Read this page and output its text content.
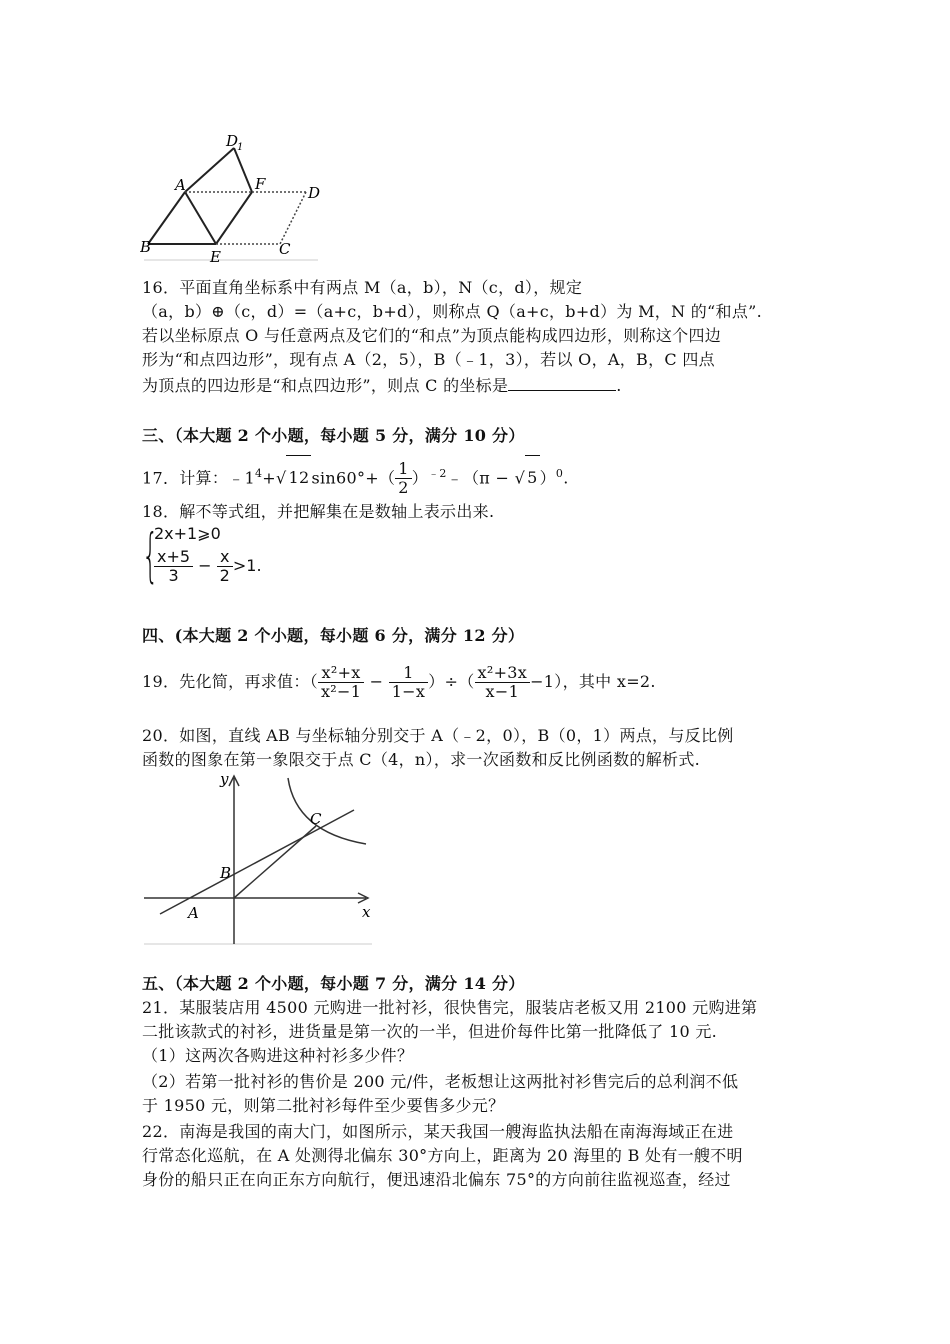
D
1
A	F	D
B
E	C
16．平面直角坐标系中有两点 M（a，b），N（c，d），规定
（a，b）⊕（c，d）=（a+c，b+d），则称点 Q（a+c，b+d）为 M，N 的“和点”.
若以坐标原点 O 与任意两点及它们的“和点”为顶点能构成四边形，则称这个四边
形为“和点四边形”，现有点 A（2，5），B（﹣1，3），若以 O，A，B，C 四点
为顶点的四边形是“和点四边形”，则点 C 的坐标是	.
三、（本大题 2 个小题，每小题 5 分，满分 10 分）
17．计算：$﹣1^4+√$ 12 $\sin 60^\circ+( \frac{1}{2}$ ）$^{﹣2}﹣(\pi$ − √ 5 ）$^0$.
18．解不等式组，并把解集在是数轴上表示出来.
{
2x+1⩾0
$\frac{x+5}{3} - \frac{x}{2} >1$.
四、(本大题 2 个小题，每小题 6 分，满分 12 分）
19．先化简，再求值：（ $\frac{\text{x²+x}}{\text{x²−1}} - \frac{1}{1-x}$ ）÷（ $\frac{\text{x²+3x}}{x-1} -1$），其中 x=2.
20．如图，直线 AB 与坐标轴分别交于 A（﹣2，0），B（0，1）两点，与反比例
函数的图象在第一象限交于点 C（4，n），求一次函数和反比例函数的解析式.
y
x
A
B
C
五、（本大题 2 个小题，每小题 7 分，满分 14 分）
21．某服装店用 4500 元购进一批衬衫，很快售完，服装店老板又用 2100 元购进第
二批该款式的衬衫，进货量是第一次的一半，但进价每件比第一批降低了 10 元.
（1）这两次各购进这种衬衫多少件？
（2）若第一批衬衫的售价是 200 元/件，老板想让这两批衬衫售完后的总利润不低
于 1950 元，则第二批衬衫每件至少要售多少元？
22．南海是我国的南大门，如图所示，某天我国一艘海监执法船在南海海域正在进
行常态化巡航，在 A 处测得北偏东 30°方向上，距离为 20 海里的 B 处有一艘不明
身份的船只正在向正东方向航行，便迅速沿北偏东 75°的方向前往监视巡查，经过
